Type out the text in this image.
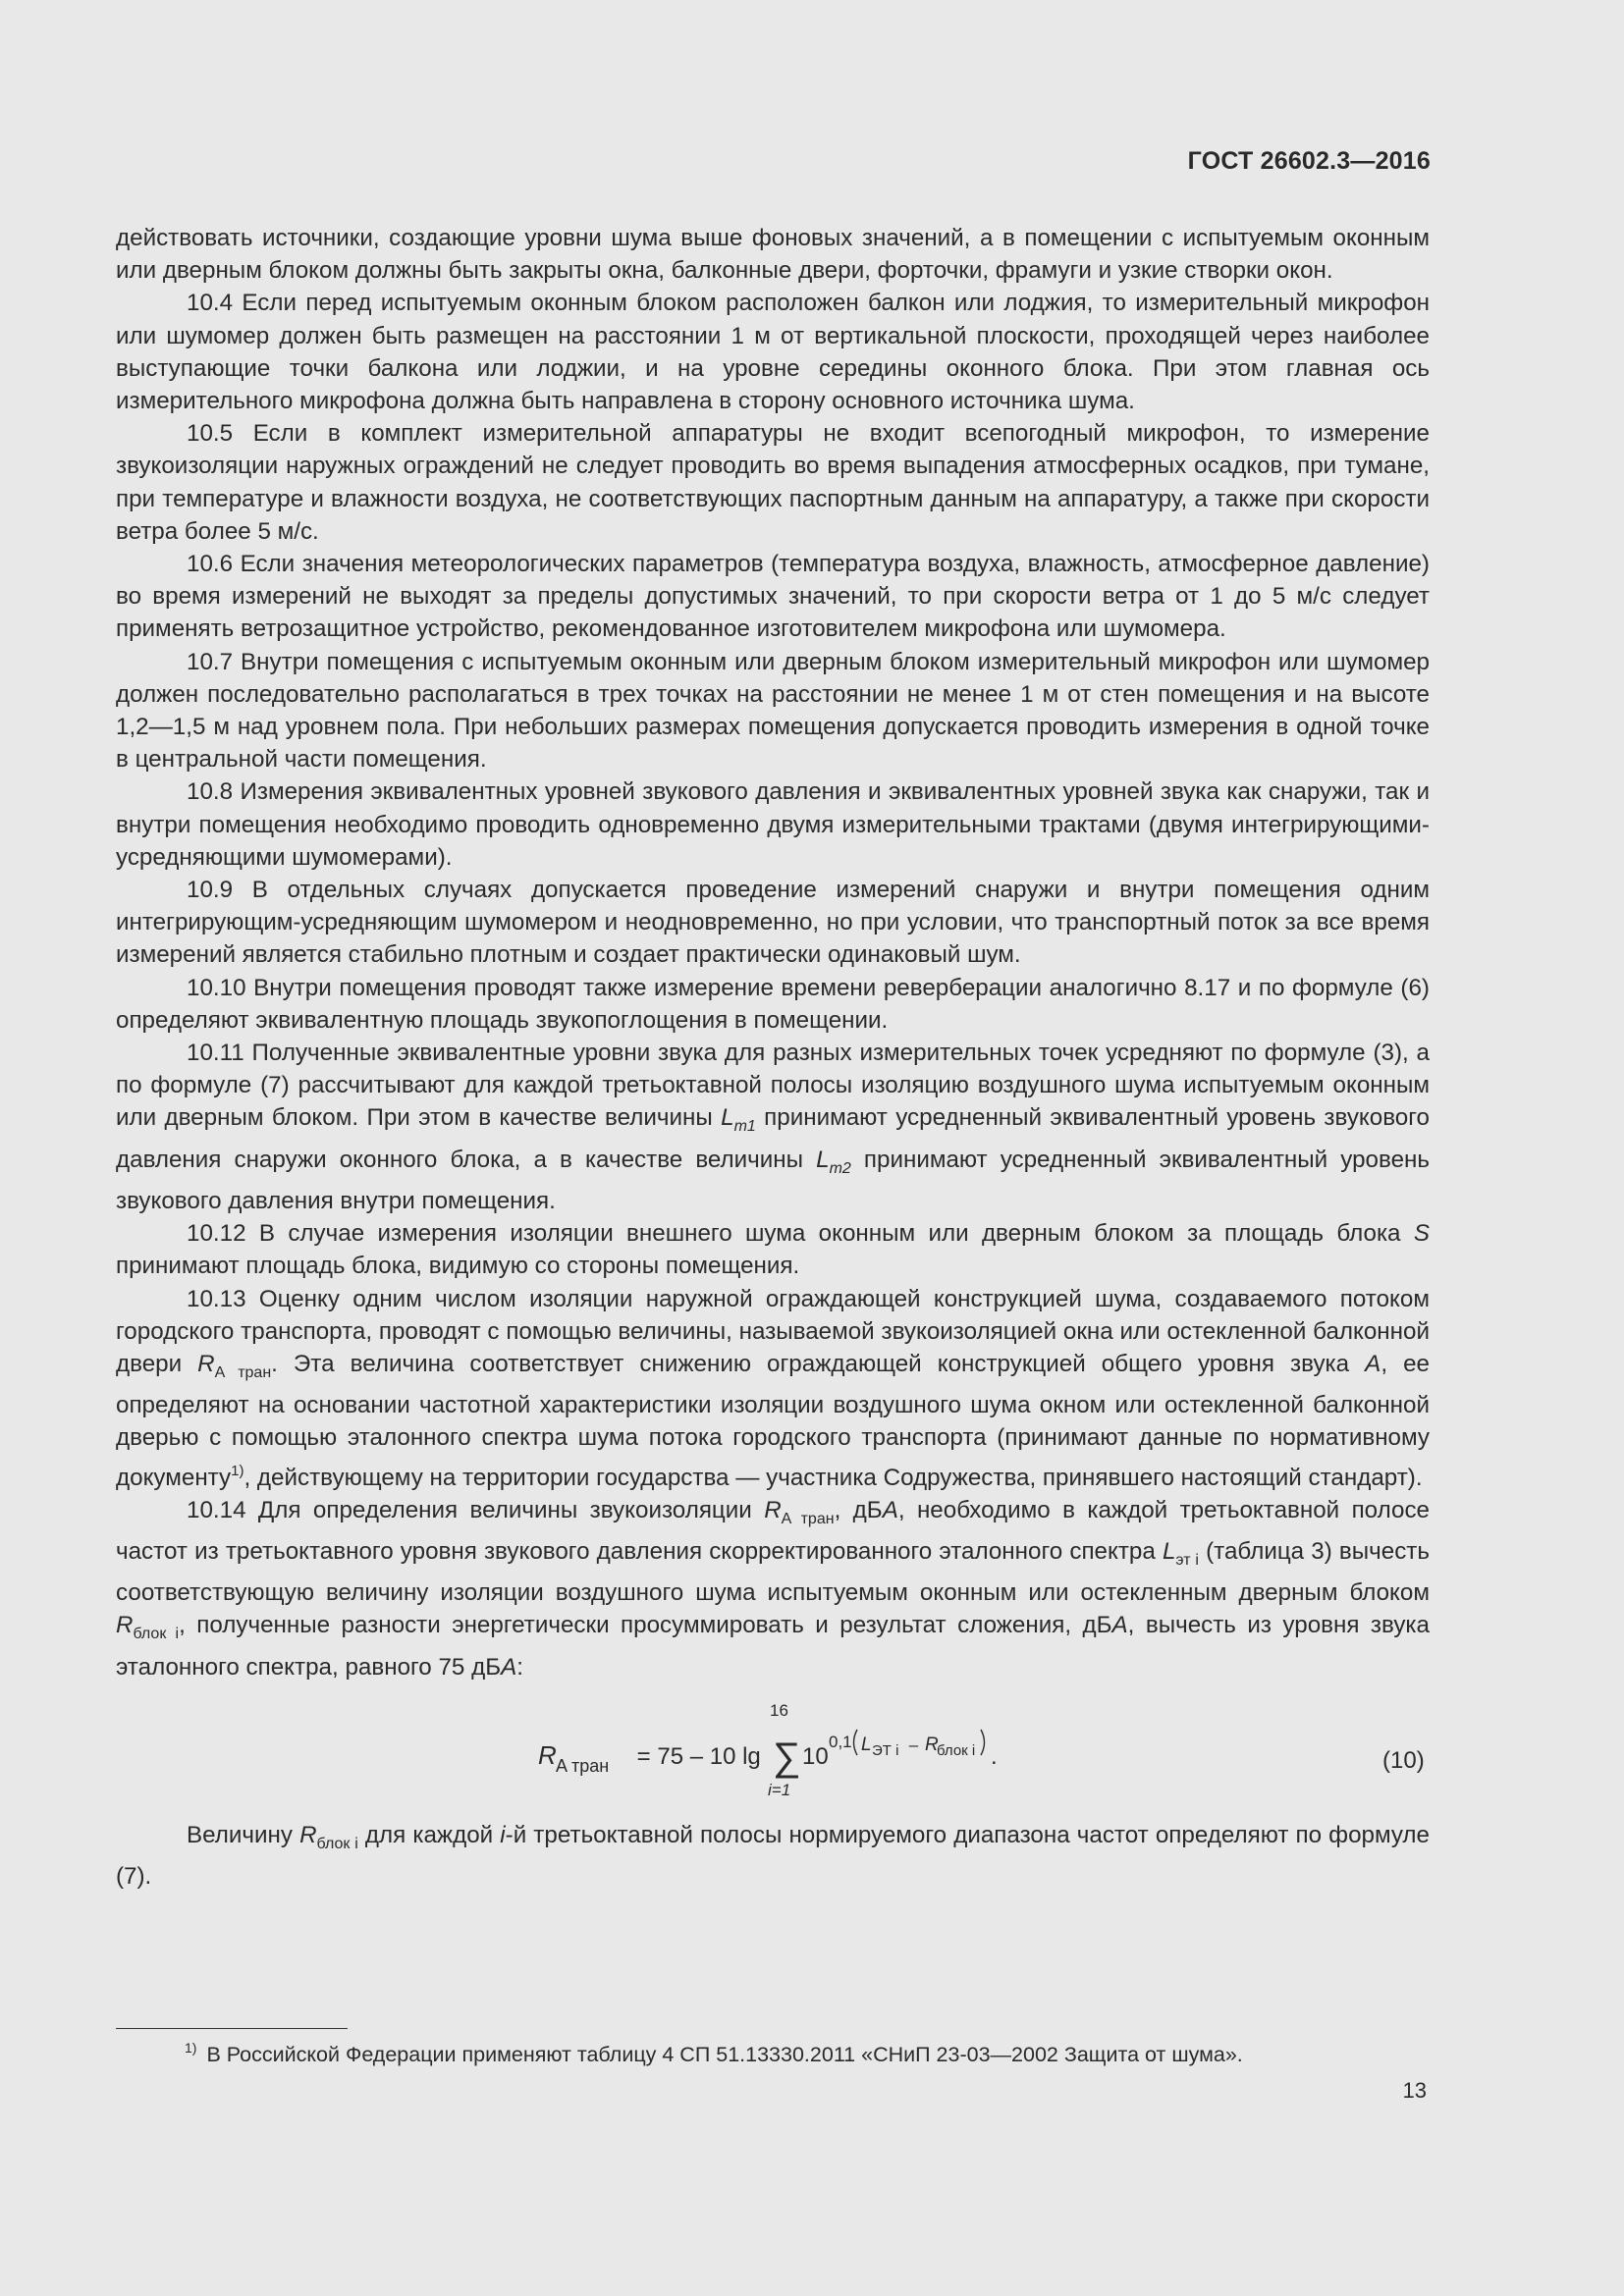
ГОСТ 26602.3—2016

действовать источники, создающие уровни шума выше фоновых значений, а в помещении с испытуемым оконным или дверным блоком должны быть закрыты окна, балконные двери, форточки, фрамуги и узкие створки окон.

10.4 Если перед испытуемым оконным блоком расположен балкон или лоджия, то измерительный микрофон или шумомер должен быть размещен на расстоянии 1 м от вертикальной плоскости, проходящей через наиболее выступающие точки балкона или лоджии, и на уровне середины оконного блока. При этом главная ось измерительного микрофона должна быть направлена в сторону основного источника шума.

10.5 Если в комплект измерительной аппаратуры не входит всепогодный микрофон, то измерение звукоизоляции наружных ограждений не следует проводить во время выпадения атмосферных осадков, при тумане, при температуре и влажности воздуха, не соответствующих паспортным данным на аппаратуру, а также при скорости ветра более 5 м/с.

10.6 Если значения метеорологических параметров (температура воздуха, влажность, атмосферное давление) во время измерений не выходят за пределы допустимых значений, то при скорости ветра от 1 до 5 м/с следует применять ветрозащитное устройство, рекомендованное изготовителем микрофона или шумомера.

10.7 Внутри помещения с испытуемым оконным или дверным блоком измерительный микрофон или шумомер должен последовательно располагаться в трех точках на расстоянии не менее 1 м от стен помещения и на высоте 1,2—1,5 м над уровнем пола. При небольших размерах помещения допускается проводить измерения в одной точке в центральной части помещения.

10.8 Измерения эквивалентных уровней звукового давления и эквивалентных уровней звука как снаружи, так и внутри помещения необходимо проводить одновременно двумя измерительными трактами (двумя интегрирующими-усредняющими шумомерами).

10.9 В отдельных случаях допускается проведение измерений снаружи и внутри помещения одним интегрирующим-усредняющим шумомером и неодновременно, но при условии, что транспортный поток за все время измерений является стабильно плотным и создает практически одинаковый шум.

10.10 Внутри помещения проводят также измерение времени реверберации аналогично 8.17 и по формуле (6) определяют эквивалентную площадь звукопоглощения в помещении.

10.11 Полученные эквивалентные уровни звука для разных измерительных точек усредняют по формуле (3), а по формуле (7) рассчитывают для каждой третьоктавной полосы изоляцию воздушного шума испытуемым оконным или дверным блоком. При этом в качестве величины $L_{m1}$ принимают усредненный эквивалентный уровень звукового давления снаружи оконного блока, а в качестве величины $L_{m2}$ принимают усредненный эквивалентный уровень звукового давления внутри помещения.

10.12 В случае измерения изоляции внешнего шума оконным или дверным блоком за площадь блока S принимают площадь блока, видимую со стороны помещения.

10.13 Оценку одним числом изоляции наружной ограждающей конструкцией шума, создаваемого потоком городского транспорта, проводят с помощью величины, называемой звукоизоляцией окна или остекленной балконной двери $R_{A тран}$. Эта величина соответствует снижению ограждающей конструкцией общего уровня звука A, ее определяют на основании частотной характеристики изоляции воздушного шума окном или остекленной балконной дверью с помощью эталонного спектра шума потока городского транспорта (принимают данные по нормативному документу$^{1)}$, действующему на территории государства — участника Содружества, принявшего настоящий стандарт).

10.14 Для определения величины звукоизоляции $R_{A тран}$, дБA, необходимо в каждой третьоктавной полосе частот из третьоктавного уровня звукового давления скорректированного эталонного спектра $L_{эт i}$ (таблица 3) вычесть соответствующую величину изоляции воздушного шума испытуемым оконным или остекленным дверным блоком $R_{блок i}$, полученные разности энергетически просуммировать и результат сложения, дБA, вычесть из уровня звука эталонного спектра, равного 75 дБA:

R A тран = 75 – 10 lg
16
∑
i=1
10
0,1 L ЭТ i – R
блок i .	(10)

Величину $R_{блок i}$ для каждой i-й третьоктавной полосы нормируемого диапазона частот определяют по формуле (7).

$^{1)}$ В Российской Федерации применяют таблицу 4 СП 51.13330.2011 «СНиП 23-03—2002 Защита от шума».
13
